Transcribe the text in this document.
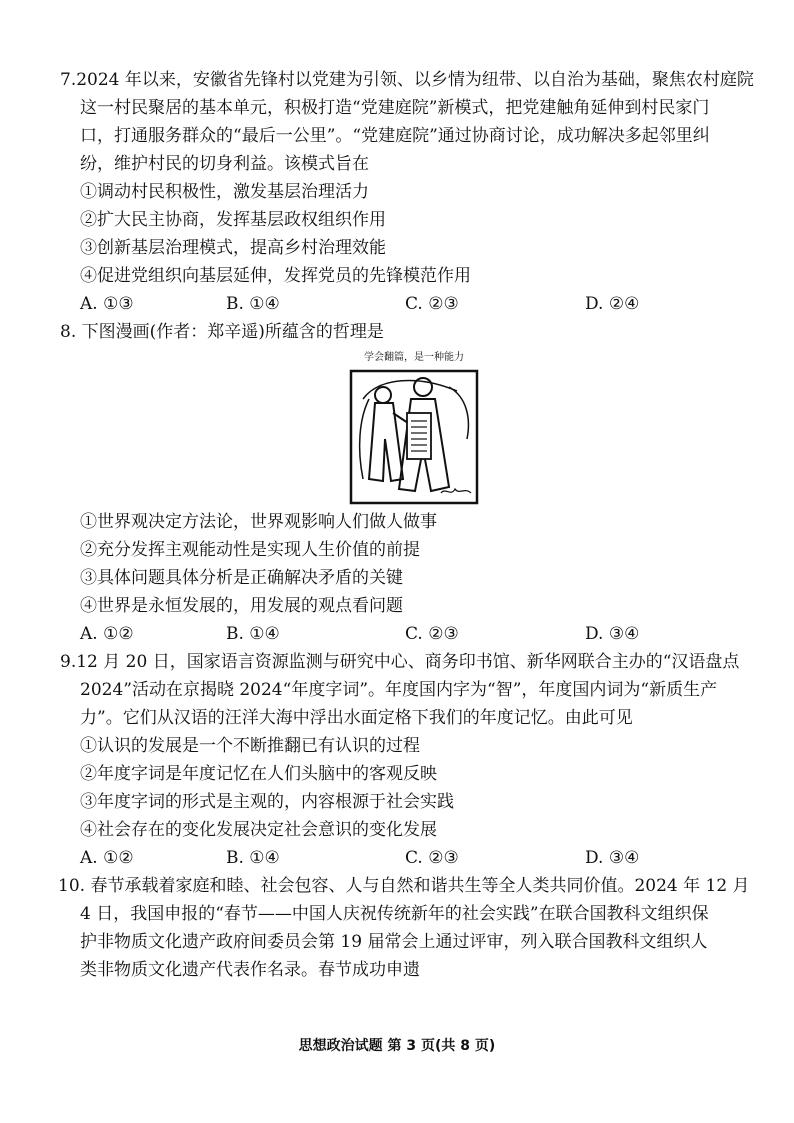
7.2024 年以来，安徽省先锋村以党建为引领、以乡情为纽带、以自治为基础，聚焦农村庭院
这一村民聚居的基本单元，积极打造“党建庭院”新模式，把党建触角延伸到村民家门
口，打通服务群众的“最后一公里”。“党建庭院”通过协商讨论，成功解决多起邻里纠
纷，维护村民的切身利益。该模式旨在
①调动村民积极性，激发基层治理活力
②扩大民主协商，发挥基层政权组织作用
③创新基层治理模式，提高乡村治理效能
④促进党组织向基层延伸，发挥党员的先锋模范作用
A. ①③	B. ①④	C. ②③	D. ②④
8. 下图漫画(作者：郑辛遥)所蕴含的哲理是
学会翻篇，是一种能力
①世界观决定方法论，世界观影响人们做人做事
②充分发挥主观能动性是实现人生价值的前提
③具体问题具体分析是正确解决矛盾的关键
④世界是永恒发展的，用发展的观点看问题
A. ①②	B. ①④	C. ②③	D. ③④
9.12 月 20 日，国家语言资源监测与研究中心、商务印书馆、新华网联合主办的“汉语盘点
2024”活动在京揭晓 2024“年度字词”。年度国内字为“智”，年度国内词为“新质生产
力”。它们从汉语的汪洋大海中浮出水面定格下我们的年度记忆。由此可见
①认识的发展是一个不断推翻已有认识的过程
②年度字词是年度记忆在人们头脑中的客观反映
③年度字词的形式是主观的，内容根源于社会实践
④社会存在的变化发展决定社会意识的变化发展
A. ①②	B. ①④	C. ②③	D. ③④
10. 春节承载着家庭和睦、社会包容、人与自然和谐共生等全人类共同价值。2024 年 12 月
4 日，我国申报的“春节——中国人庆祝传统新年的社会实践”在联合国教科文组织保
护非物质文化遗产政府间委员会第 19 届常会上通过评审，列入联合国教科文组织人
类非物质文化遗产代表作名录。春节成功申遗
思想政治试题 第 3 页(共 8 页)
